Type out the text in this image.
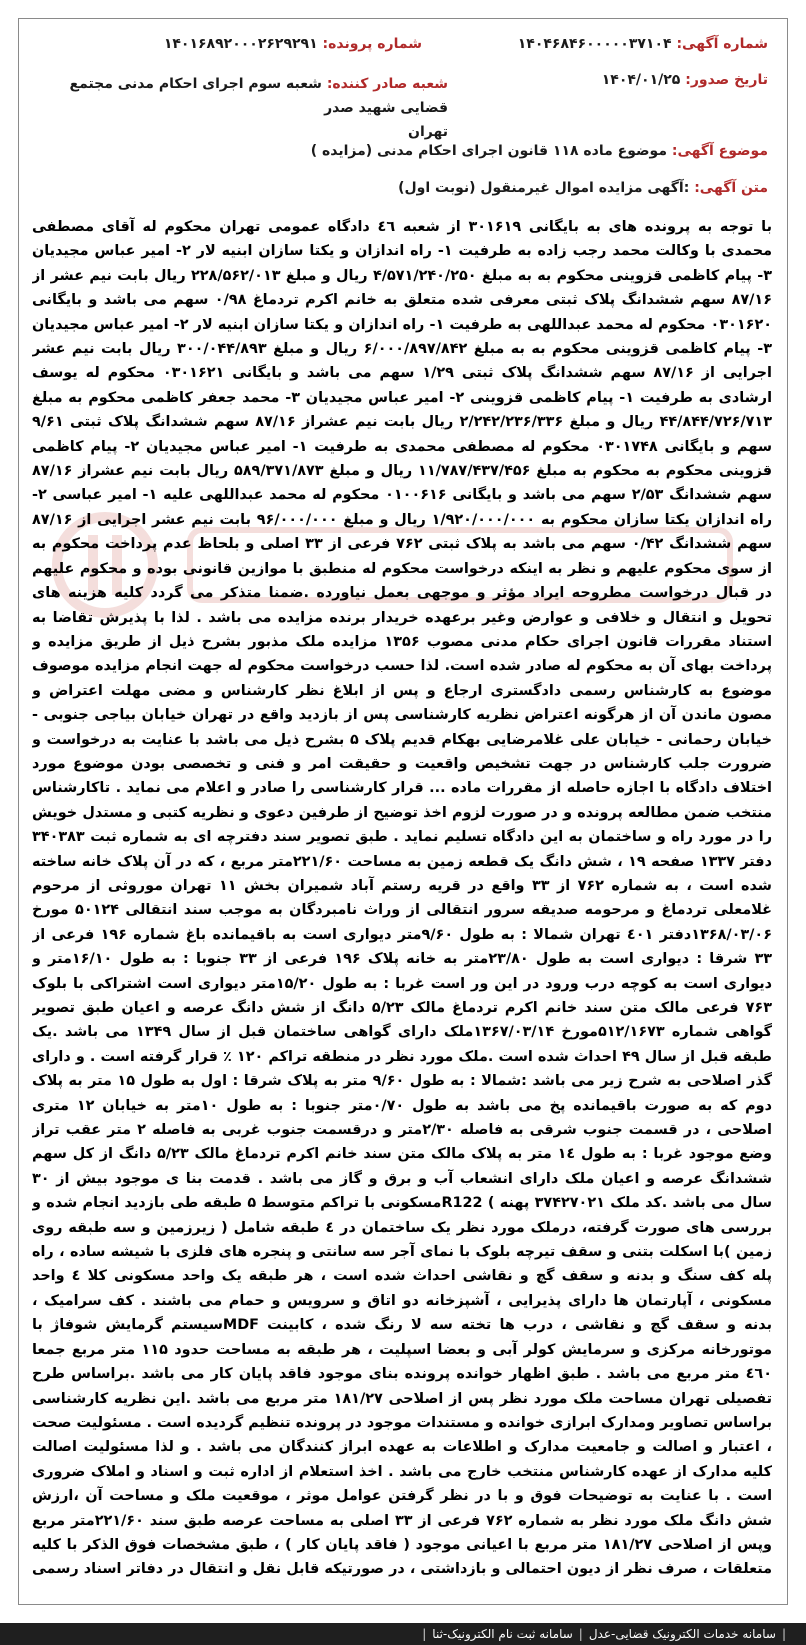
شماره آگهی: ۱۴۰۴۶۸۴۶۰۰۰۰۰۳۷۱۰۴
شماره پرونده: ۱۴۰۱۶۸۹۲۰۰۰۲۶۲۹۲۹۱
تاریخ صدور: ۱۴۰۴/۰۱/۲۵
شعبه صادر کننده: شعبه سوم اجرای احکام مدنی مجتمع قضایی شهید صدر
تهران
موضوع آگهی: موضوع ماده ۱۱۸ قانون اجرای احکام مدنی (مزایده )
متن آگهی: :آگهی مزایده اموال غیرمنقول (نوبت اول)

با توجه به پرونده های به بایگانی ۳۰۱۶۱۹ از شعبه ٤٦ دادگاه عمومی تهران محکوم له آقای مصطفی محمدی با وکالت محمد رجب زاده به طرفیت ۱- راه اندازان و یکتا سازان ابنیه لار ۲- امیر عباس مجیدیان ۳- پیام کاظمی قزوینی محکوم به به مبلغ ۴/۵۷۱/۲۴۰/۲۵۰ ریال و مبلغ ۲۲۸/۵۶۲/۰۱۳ ریال بابت نیم عشر از ۸۷/۱۶ سهم ششدانگ پلاک ثبتی معرفی شده متعلق به خانم اکرم تردماغ ۰/۹۸ سهم می باشد و بایگانی ۰۳۰۱۶۲۰ محکوم له محمد عبداللهی به طرفیت ۱- راه اندازان و یکتا سازان ابنیه لار ۲- امیر عباس مجیدیان ۳- پیام کاظمی قزوینی محکوم به به مبلغ ۶/۰۰۰/۸۹۷/۸۴۲ ریال و مبلغ ۳۰۰/۰۴۴/۸۹۳ ریال بابت نیم عشر اجرایی از ۸۷/۱۶ سهم ششدانگ پلاک ثبتی ۱/۲۹ سهم می باشد و بایگانی ۰۳۰۱۶۲۱ محکوم له یوسف ارشادی به طرفیت ۱- پیام کاظمی قزوینی ۲- امیر عباس مجیدیان ۳- محمد جعفر کاظمی محکوم به مبلغ ۴۴/۸۴۴/۷۲۶/۷۱۳ ریال و مبلغ ۲/۲۴۲/۲۳۶/۳۳۶ ریال بابت نیم عشراز ۸۷/۱۶ سهم ششدانگ پلاک ثبتی ۹/۶۱ سهم و بایگانی ۰۳۰۱۷۴۸ محکوم له مصطفی محمدی به طرفیت ۱- امیر عباس مجیدیان ۲- پیام کاظمی قزوینی محکوم به محکوم به مبلغ ۱۱/۷۸۷/۴۳۷/۴۵۶ ریال و مبلغ ۵۸۹/۳۷۱/۸۷۳ ریال بابت نیم عشراز ۸۷/۱۶ سهم ششدانگ ۲/۵۳ سهم می باشد و بایگانی ۰۱۰۰۶۱۶ محکوم له محمد عبداللهی علیه ۱- امیر عباسی ۲- راه اندازان یکتا سازان محکوم به ۱/۹۲۰/۰۰۰/۰۰۰ ریال و مبلغ ۹۶/۰۰۰/۰۰۰ بابت نیم عشر اجرایی از ۸۷/۱۶ سهم ششدانگ ۰/۴۲ سهم می باشد به پلاک ثبتی ۷۶۲ فرعی از ۳۳ اصلی و بلحاظ عدم پرداخت محکوم به از سوی محکوم علیهم و نظر به اینکه درخواست محکوم له منطبق با موازین قانونی بوده و محکوم علیهم در قبال درخواست مطروحه ایراد مؤثر و موجهی بعمل نیاورده .ضمنا متذکر می گردد کلیه هزینه های تحویل و انتقال و خلافی و عوارض وغیر برعهده خریدار برنده مزایده می باشد . لذا با پذیرش تقاضا به استناد مقررات قانون اجرای حکام مدنی مصوب ۱۳۵۶ مزایده ملک مذبور بشرح ذیل از طریق مزایده و پرداخت بهای آن به محکوم له صادر شده است. لذا حسب درخواست محکوم له جهت انجام مزایده موصوف موضوع به کارشناس رسمی دادگستری ارجاع و پس از ابلاغ نظر کارشناس و مضی مهلت اعتراض و مصون ماندن آن از هرگونه اعتراض نظریه کارشناسی پس از بازدید واقع در تهران خیابان بیاجی جنوبی - خیابان رحمانی - خیابان علی غلامرضایی بهکام قدیم پلاک ۵ بشرح ذیل می باشد با عنایت به درخواست و ضرورت جلب کارشناس در جهت تشخیص واقعیت و حقیقت امر و فنی و تخصصی بودن موضوع مورد اختلاف دادگاه با اجازه حاصله از مقررات ماده ... قرار کارشناسی را صادر و اعلام می نماید . تاکارشناس منتخب ضمن مطالعه پرونده و در صورت لزوم اخذ توضیح از طرفین دعوی و نظریه کتبی و مستدل خویش را در مورد راه و ساختمان به این دادگاه تسلیم نماید . طبق تصویر سند دفترچه ای به شماره ثبت ۳۴۰۳۸۳ دفتر ۱۳۳۷ صفحه ۱۹ ، شش دانگ یک قطعه زمین به مساحت ۲۲۱/۶۰متر مربع ، که در آن پلاک خانه ساخته شده است ، به شماره ۷۶۲ از ۳۳ واقع در قریه رستم آباد شمیران بخش ۱۱ تهران موروثی از مرحوم غلامعلی تردماغ و مرحومه صدیقه سرور انتقالی از وراث نامبردگان به موجب سند انتقالی ۵۰۱۲۴ مورخ ۱۳۶۸/۰۳/۰۶دفتر ٤٠١ تهران شمالا : به طول ۹/۶۰متر دیواری است به باقیمانده باغ شماره ۱۹۶ فرعی از ۳۳ شرقا : دیواری است به طول ۲۳/۸۰متر به خانه پلاک ۱۹۶ فرعی از ۳۳ جنوبا : به طول ۱۶/۱۰متر و دیواری است به کوچه درب ورود در این ور است غربا : به طول ۱۵/۲۰متر دیواری است اشتراکی با بلوک ۷۶۳ فرعی مالک متن سند خانم اکرم تردماغ مالک ۵/۲۳ دانگ از شش دانگ عرصه و اعیان طبق تصویر گواهی شماره ۵۱۲/۱۶۷۳مورخ ۱۳۶۷/۰۳/۱۴ملک دارای گواهی ساختمان قبل از سال ۱۳۴۹ می باشد .یک طبقه قبل از سال ۴۹ احداث شده است .ملک مورد نظر در منطقه تراکم ۱۲۰ ٪ قرار گرفته است . و دارای گذر اصلاحی به شرح زیر می باشد :شمالا : به طول ۹/۶۰ متر به پلاک شرقا : اول به طول ۱۵ متر به پلاک دوم که به صورت باقیمانده پخ می باشد به طول ۰/۷۰متر جنوبا : به طول ۱۰متر به خیابان ۱۲ متری اصلاحی ، در قسمت جنوب شرقی به فاصله ۲/۳۰متر و درقسمت جنوب غربی به فاصله ۲ متر عقب تراز وضع موجود غربا : به طول ۱٤ متر به پلاک مالک متن سند خانم اکرم تردماغ مالک ۵/۲۳ دانگ از کل سهم ششدانگ عرصه و اعیان ملک دارای انشعاب آب و برق و گاز می باشد . قدمت بنا ی موجود بیش از ۳۰ سال می باشد .کد ملک ۳۷۴۲۷۰۲۱ پهنه ) R122مسکونی با تراکم متوسط ۵ طبقه طی بازدید انجام شده و بررسی های صورت گرفته، درملک مورد نظر یک ساختمان در ٤ طبقه شامل ( زیرزمین و سه طبقه روی زمین )با اسکلت بتنی و سقف تیرچه بلوک با نمای آجر سه سانتی و پنجره های فلزی با شیشه ساده ، راه پله کف سنگ و بدنه و سقف گچ و نقاشی احداث شده است ، هر طبقه یک واحد مسکونی کلا ٤ واحد مسکونی ، آپارتمان ها دارای پذیرایی ، آشپزخانه دو اتاق و سرویس و حمام می باشند . کف سرامیک ، بدنه و سقف گچ و نقاشی ، درب ها تخته سه لا رنگ شده ، کابینت MDFسیستم گرمایش شوفاژ با موتورخانه مرکزی و سرمایش کولر آبی و بعضا اسپلیت ، هر طبقه به مساحت حدود ۱۱۵ متر مربع جمعا ٤٦٠ متر مربع می باشد . طبق اظهار خوانده پرونده بنای موجود فاقد پایان کار می باشد .براساس طرح تفصیلی تهران مساحت ملک مورد نظر پس از اصلاحی ۱۸۱/۲۷ متر مربع می باشد .این نظریه کارشناسی براساس تصاویر ومدارک ابرازی خوانده و مستندات موجود در پرونده تنظیم گردیده است . مسئولیت صحت ، اعتبار و اصالت و جامعیت مدارک و اطلاعات به عهده ابراز کنندگان می باشد . و لذا مسئولیت اصالت کلیه مدارک از عهده کارشناس منتخب خارج می باشد . اخذ استعلام از اداره ثبت و اسناد و املاک ضروری است . با عنایت به توضیحات فوق و با در نظر گرفتن عوامل موثر ، موقعیت ملک و مساحت آن ،ارزش شش دانگ ملک مورد نظر به شماره ۷۶۲ فرعی از ۳۳ اصلی به مساحت عرصه طبق سند ۲۲۱/۶۰متر مربع وپس از اصلاحی ۱۸۱/۲۷ متر مربع با اعیانی موجود ( فاقد پایان کار ) ، طبق مشخصات فوق الذکر با کلیه متعلقات ، صرف نظر از دیون احتمالی و بازداشتی ، در صورتیکه قابل نقل و انتقال در دفاتر اسناد رسمی

|
سامانه خدمات الکترونیک قضایی-عدل
|
سامانه ثبت نام الکترونیک-ثنا
|
